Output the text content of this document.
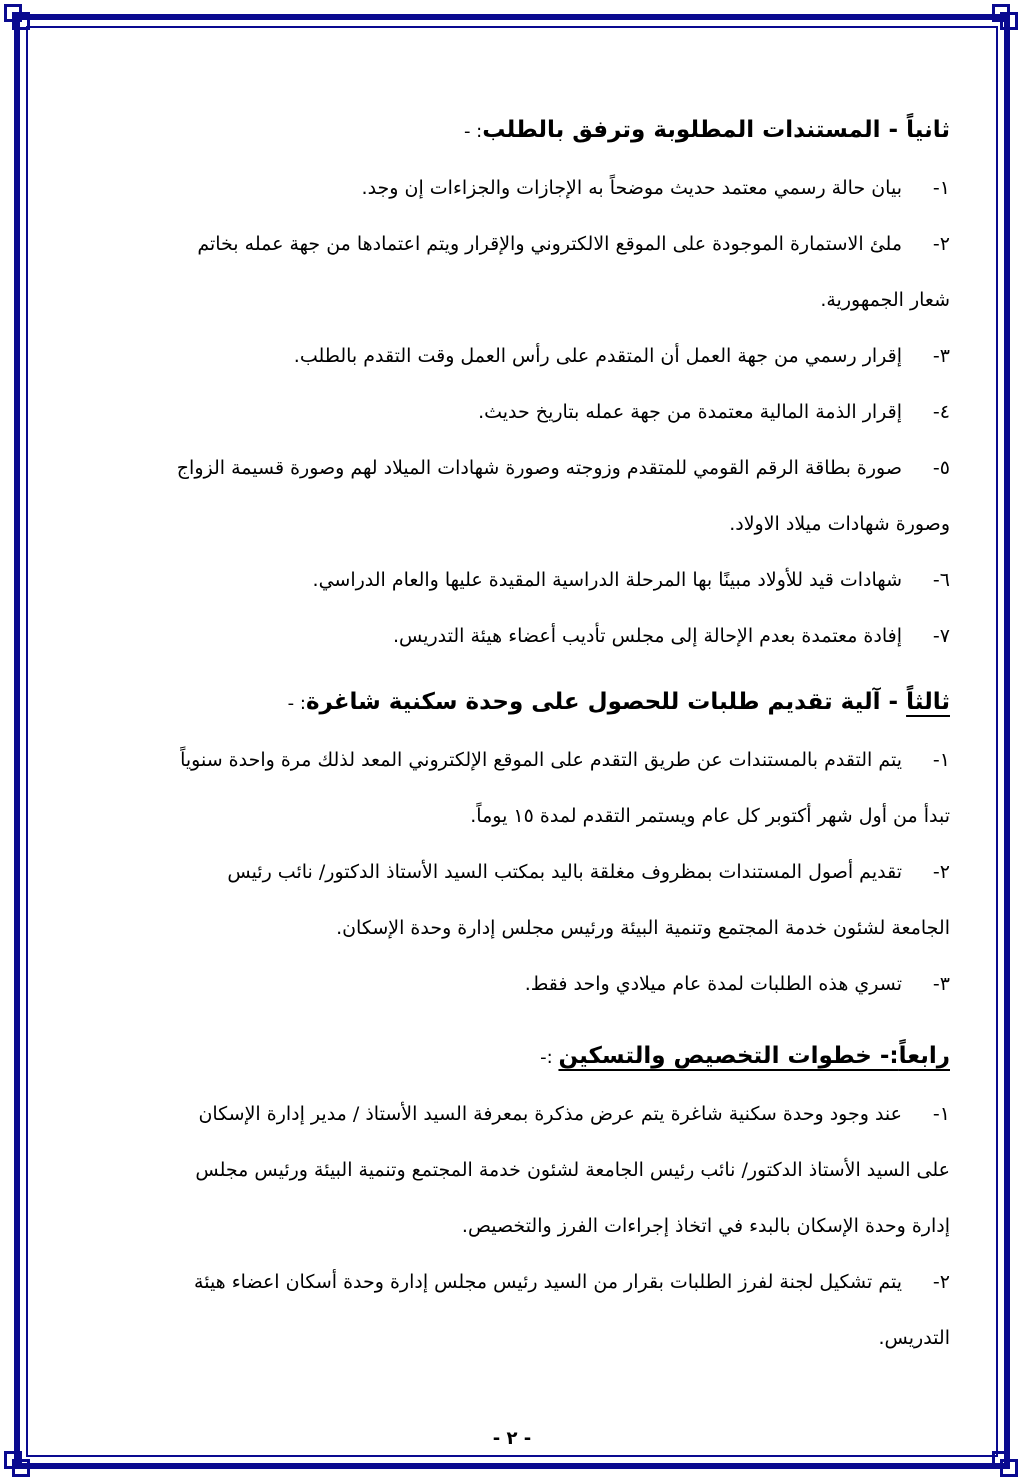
ثانياً - المستندات المطلوبة وترفق بالطلب: -
١-
بيان حالة رسمي معتمد حديث موضحاً به الإجازات والجزاءات إن وجد.
٢-
ملئ الاستمارة الموجودة على الموقع الالكتروني والإقرار ويتم اعتمادها من جهة عمله بخاتم
شعار الجمهورية.
٣-
إقرار رسمي من جهة العمل أن المتقدم على رأس العمل وقت التقدم بالطلب.
٤-
إقرار الذمة المالية معتمدة من جهة عمله بتاريخ حديث.
٥-
صورة بطاقة الرقم القومي للمتقدم وزوجته وصورة شهادات الميلاد لهم وصورة قسيمة الزواج
وصورة شهادات ميلاد الاولاد.
٦-
شهادات قيد للأولاد مبينًا بها المرحلة الدراسية المقيدة عليها والعام الدراسي.
٧-
إفادة معتمدة بعدم الإحالة إلى مجلس تأديب أعضاء هيئة التدريس.
ثالثاً - آلية تقديم طلبات للحصول على وحدة سكنية شاغرة: -
١-
يتم التقدم بالمستندات عن طريق التقدم على الموقع الإلكتروني المعد لذلك مرة واحدة سنوياً
تبدأ من أول شهر أكتوبر كل عام ويستمر التقدم لمدة ١٥ يوماً.
٢-
تقديم أصول المستندات بمظروف مغلقة باليد بمكتب السيد الأستاذ الدكتور/ نائب رئيس
الجامعة لشئون خدمة المجتمع وتنمية البيئة ورئيس مجلس إدارة وحدة الإسكان.
٣-
تسري هذه الطلبات لمدة عام ميلادي واحد فقط.
رابعاً:- خطوات التخصيص والتسكين :-
١-
عند وجود وحدة سكنية شاغرة يتم عرض مذكرة بمعرفة السيد الأستاذ / مدير إدارة الإسكان
على السيد الأستاذ الدكتور/ نائب رئيس الجامعة لشئون خدمة المجتمع وتنمية البيئة ورئيس مجلس
إدارة وحدة الإسكان بالبدء في اتخاذ إجراءات الفرز والتخصيص.
٢-
يتم تشكيل لجنة لفرز الطلبات بقرار من السيد رئيس مجلس إدارة وحدة أسكان اعضاء هيئة
التدريس.
- ٢ -
